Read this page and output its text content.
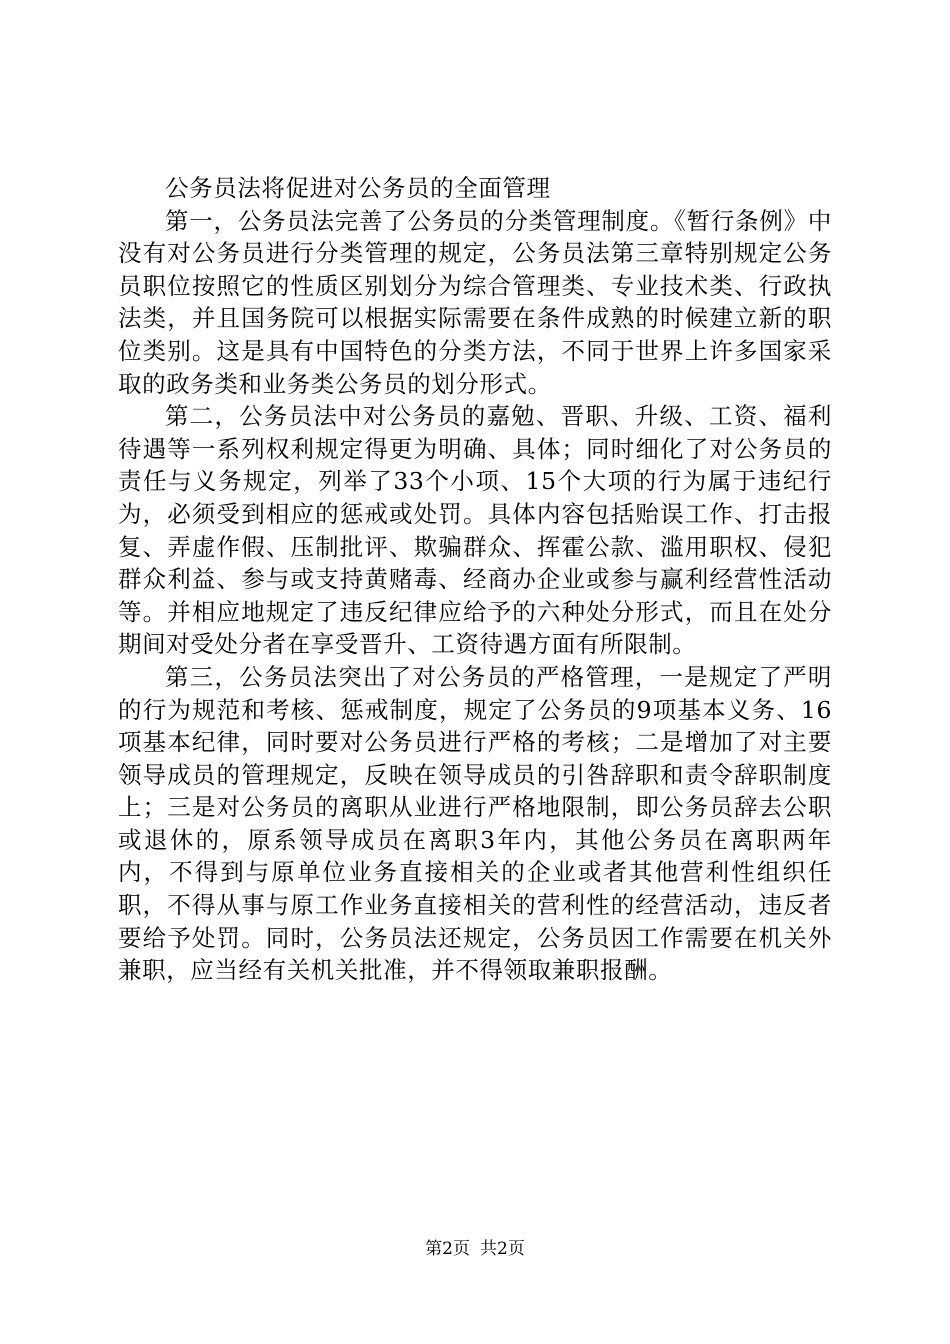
公务员法将促进对公务员的全面管理

第一，公务员法完善了公务员的分类管理制度。《暂行条例》中没有对公务员进行分类管理的规定，公务员法第三章特别规定公务员职位按照它的性质区别划分为综合管理类、专业技术类、行政执法类，并且国务院可以根据实际需要在条件成熟的时候建立新的职位类别。这是具有中国特色的分类方法，不同于世界上许多国家采取的政务类和业务类公务员的划分形式。

第二，公务员法中对公务员的嘉勉、晋职、升级、工资、福利待遇等一系列权利规定得更为明确、具体；同时细化了对公务员的责任与义务规定，列举了33个小项、15个大项的行为属于违纪行为，必须受到相应的惩戒或处罚。具体内容包括贻误工作、打击报复、弄虚作假、压制批评、欺骗群众、挥霍公款、滥用职权、侵犯群众利益、参与或支持黄赌毒、经商办企业或参与赢利经营性活动等。并相应地规定了违反纪律应给予的六种处分形式，而且在处分期间对受处分者在享受晋升、工资待遇方面有所限制。

第三，公务员法突出了对公务员的严格管理，一是规定了严明的行为规范和考核、惩戒制度，规定了公务员的9项基本义务、16项基本纪律，同时要对公务员进行严格的考核；二是增加了对主要领导成员的管理规定，反映在领导成员的引咎辞职和责令辞职制度上；三是对公务员的离职从业进行严格地限制，即公务员辞去公职或退休的，原系领导成员在离职3年内，其他公务员在离职两年内，不得到与原单位业务直接相关的企业或者其他营利性组织任职，不得从事与原工作业务直接相关的营利性的经营活动，违反者要给予处罚。同时，公务员法还规定，公务员因工作需要在机关外兼职，应当经有关机关批准，并不得领取兼职报酬。

第2页 共2页
